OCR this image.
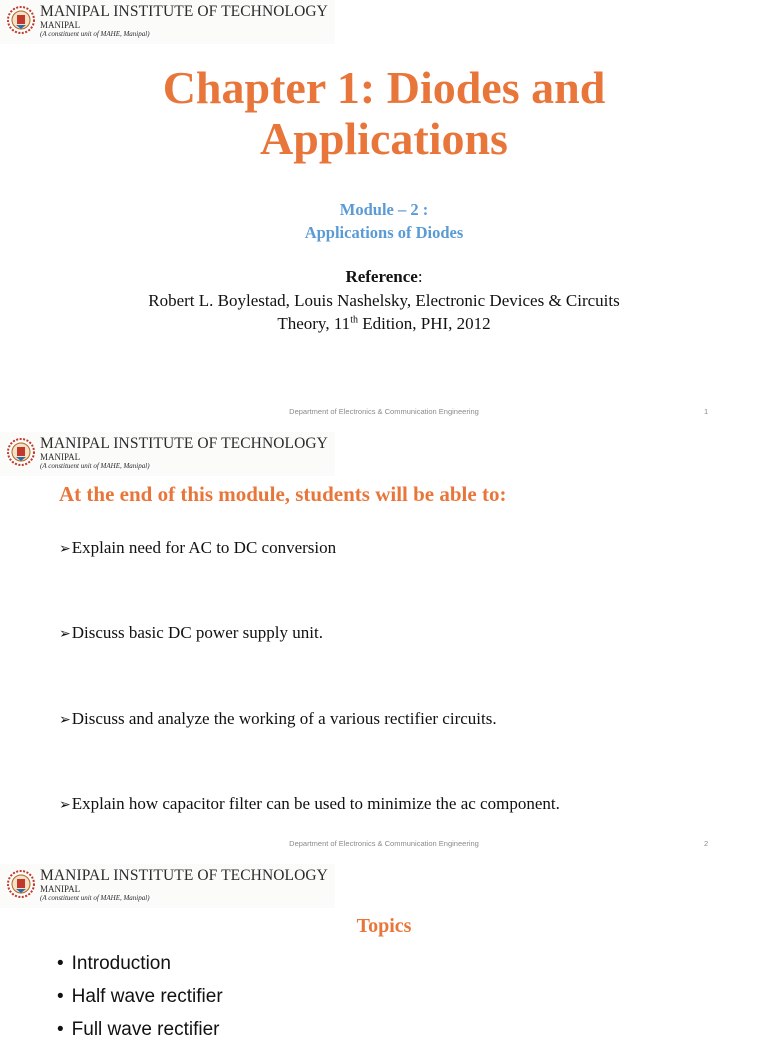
MANIPAL INSTITUTE OF TECHNOLOGY
MANIPAL
(A constituent unit of MAHE, Manipal)
Chapter 1: Diodes and
Applications
Module – 2 :
Applications of Diodes
Reference:
Robert L. Boylestad, Louis Nashelsky, Electronic Devices & Circuits
Theory, 11th Edition, PHI, 2012
Department of Electronics & Communication Engineering	1
MANIPAL INSTITUTE OF TECHNOLOGY
MANIPAL
(A constituent unit of MAHE, Manipal)
At the end of this module, students will be able to:
➢Explain need for AC to DC conversion
➢Discuss basic DC power supply unit.
➢Discuss and analyze the working of a various rectifier circuits.
➢Explain how capacitor filter can be used to minimize the ac component.
Department of Electronics & Communication Engineering	2
MANIPAL INSTITUTE OF TECHNOLOGY
MANIPAL
(A constituent unit of MAHE, Manipal)
Topics
• Introduction
• Half wave rectifier
• Full wave rectifier
